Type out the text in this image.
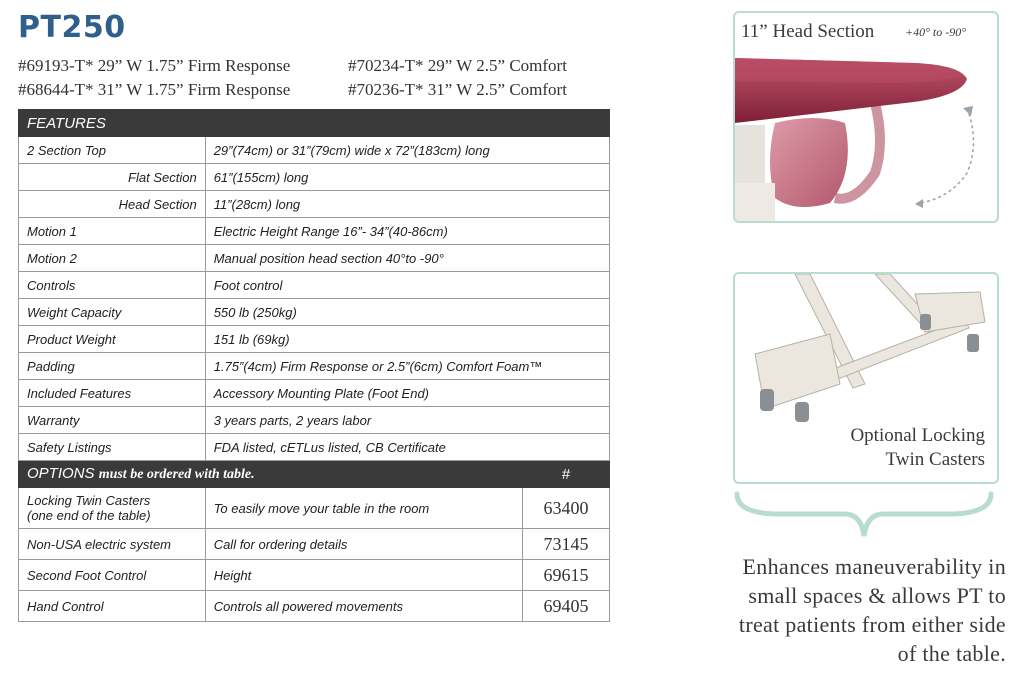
PT250
#69193-T* 29” W 1.75” Firm Response	#70234-T* 29” W 2.5” Comfort
#68644-T* 31” W 1.75” Firm Response	#70236-T* 31” W 2.5” Comfort
FEATURES		
2 Section Top	29”(74cm) or 31”(79cm) wide x 72”(183cm) long	
Flat Section	61”(155cm) long	
Head Section	11”(28cm) long	
Motion 1	Electric Height Range 16”- 34”(40-86cm)	
Motion 2	Manual position head section 40°to -90°	
Controls	Foot control	
Weight Capacity	550 lb (250kg)	
Product Weight	151 lb (69kg)	
Padding	1.75”(4cm) Firm Response or 2.5”(6cm) Comfort Foam™	
Included Features	Accessory Mounting Plate (Foot End)	
Warranty	3 years parts, 2 years labor	
Safety Listings	FDA listed, cETLus listed, CB Certificate	
OPTIONS must be ordered with table.		#

Locking Twin Casters
(one end of the table)	To easily move your table in the room	63400
Non-USA electric system	Call for ordering details	73145
Second Foot Control	Height	69615
Hand Control	Controls all powered movements	69405
11” Head Section	+40° to -90°
Optional Locking
Twin Casters
Enhances maneuverability in
small spaces & allows PT to
treat patients from either side
of the table.
